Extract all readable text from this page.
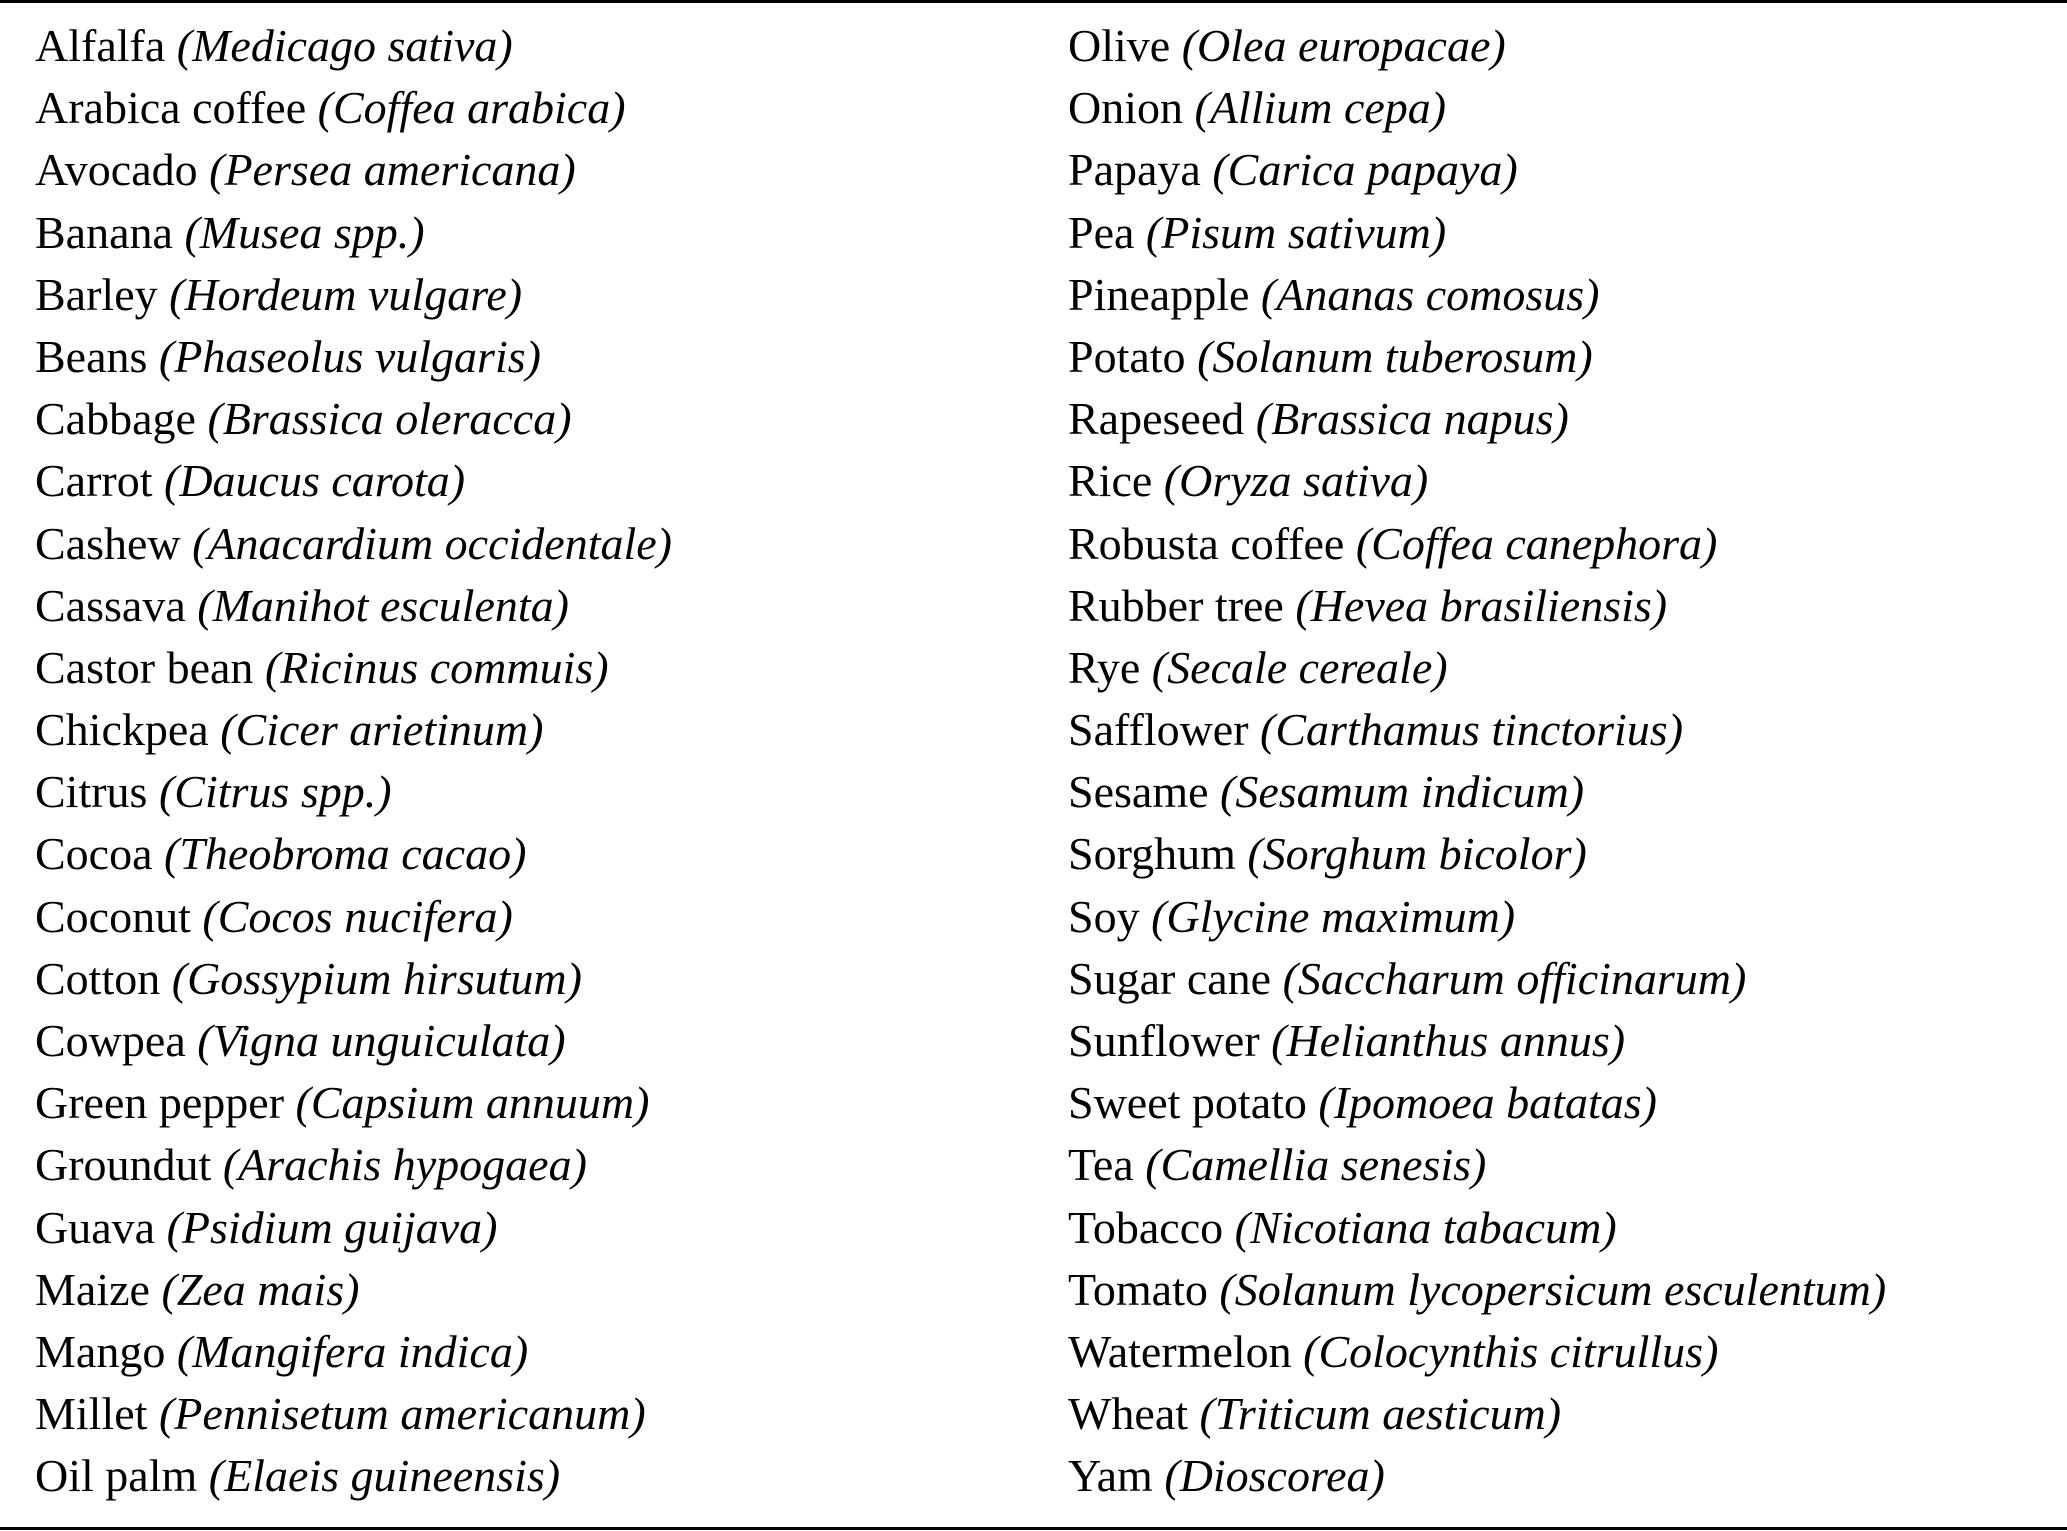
Alfalfa (Medicago sativa)
Arabica coffee (Coffea arabica)
Avocado (Persea americana)
Banana (Musea spp.)
Barley (Hordeum vulgare)
Beans (Phaseolus vulgaris)
Cabbage (Brassica oleracca)
Carrot (Daucus carota)
Cashew (Anacardium occidentale)
Cassava (Manihot esculenta)
Castor bean (Ricinus commuis)
Chickpea (Cicer arietinum)
Citrus (Citrus spp.)
Cocoa (Theobroma cacao)
Coconut (Cocos nucifera)
Cotton (Gossypium hirsutum)
Cowpea (Vigna unguiculata)
Green pepper (Capsium annuum)
Groundut (Arachis hypogaea)
Guava (Psidium guijava)
Maize (Zea mais)
Mango (Mangifera indica)
Millet (Pennisetum americanum)
Oil palm (Elaeis guineensis)
Olive (Olea europacae)
Onion (Allium cepa)
Papaya (Carica papaya)
Pea (Pisum sativum)
Pineapple (Ananas comosus)
Potato (Solanum tuberosum)
Rapeseed (Brassica napus)
Rice (Oryza sativa)
Robusta coffee (Coffea canephora)
Rubber tree (Hevea brasiliensis)
Rye (Secale cereale)
Safflower (Carthamus tinctorius)
Sesame (Sesamum indicum)
Sorghum (Sorghum bicolor)
Soy (Glycine maximum)
Sugar cane (Saccharum officinarum)
Sunflower (Helianthus annus)
Sweet potato (Ipomoea batatas)
Tea (Camellia senesis)
Tobacco (Nicotiana tabacum)
Tomato (Solanum lycopersicum esculentum)
Watermelon (Colocynthis citrullus)
Wheat (Triticum aesticum)
Yam (Dioscorea)
